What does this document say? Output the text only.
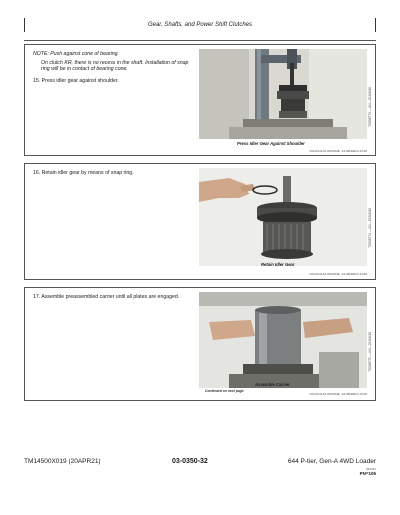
Gear, Shafts, and Power Shift Clutches
NOTE: Push against cone of bearing.
On clutch KR, there is no recess in the shaft. Installation of snap ring will be in contact of bearing cone.
15. Press idler gear against shoulder.
Press Idler Gear Against Shoulder
TX008773 —UN—29JUN10
RG30141A0,00003ME -19-08FEB20-13/18
16. Retain idler gear by means of snap ring.
Retain Idler Gear
TX008774 —UN—29JUN10
RG30141A0,00003ME -19-08FEB20-14/18
17. Assemble preassembled carrier until all plates are engaged.
Assemble Carrier
TX008775 —UN—29JUN10
Continued on next page
RG30141A0,00003ME -19-08FEB20-15/18
TM14500X019 (20APR21)	03-0350-32	644 P-tier, Gen-A 4WD Loader
040421
PN=106
